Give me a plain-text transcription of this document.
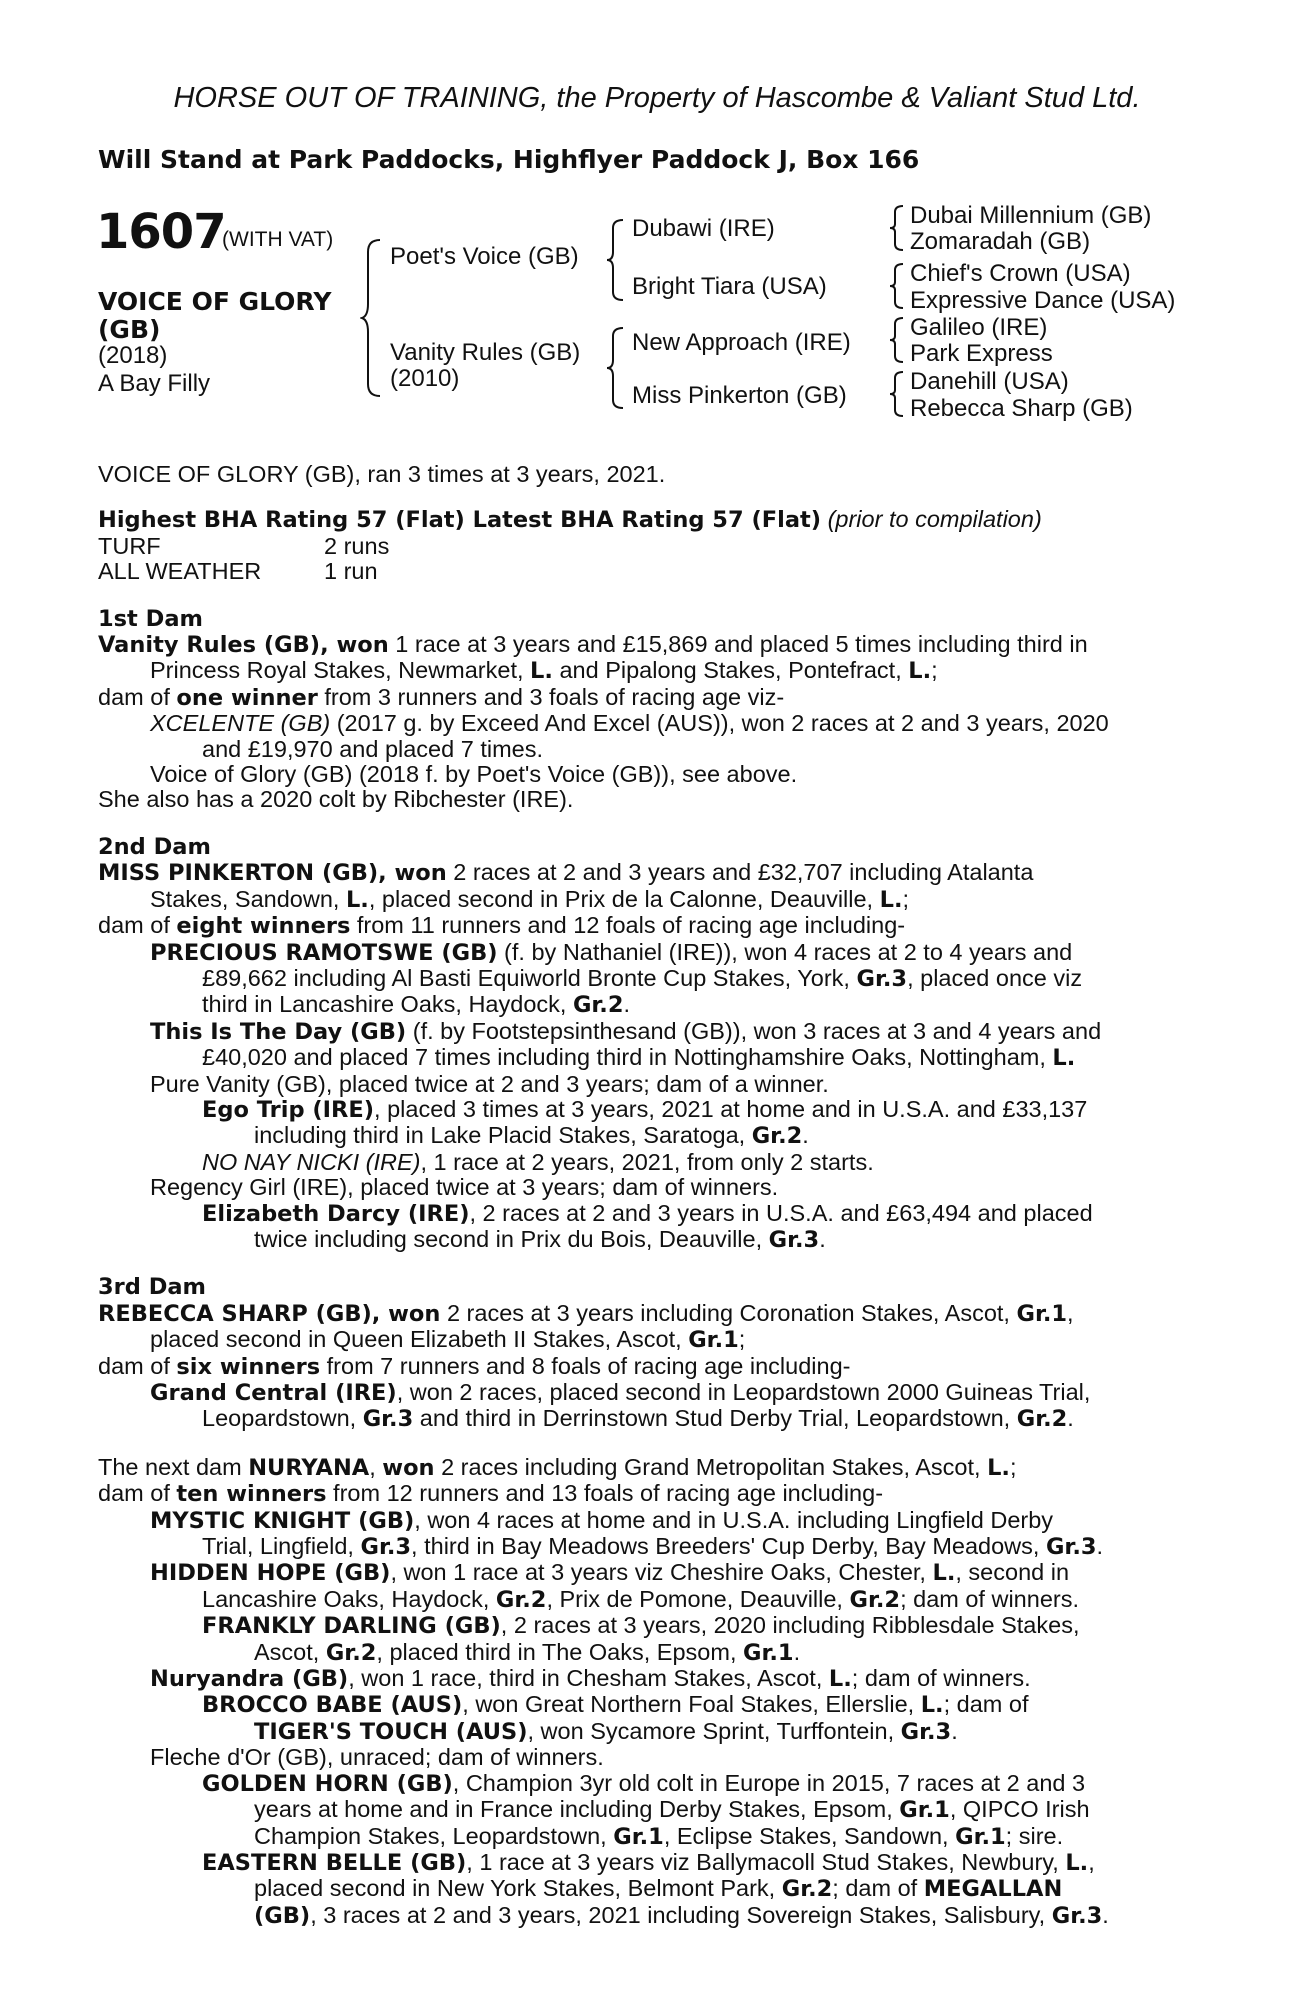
HORSE OUT OF TRAINING, the Property of Hascombe & Valiant Stud Ltd.
Will Stand at Park Paddocks, Highflyer Paddock J, Box 166
1607
(WITH VAT)
VOICE OF GLORY
(GB)
(2018)
A Bay Filly
Poet's Voice (GB)
Vanity Rules (GB)
(2010)
Dubawi (IRE)
Bright Tiara (USA)
New Approach (IRE)
Miss Pinkerton (GB)
Dubai Millennium (GB)
Zomaradah (GB)
Chief's Crown (USA)
Expressive Dance (USA)
Galileo (IRE)
Park Express
Danehill (USA)
Rebecca Sharp (GB)

VOICE OF GLORY (GB), ran 3 times at 3 years, 2021.

Highest BHA Rating 57 (Flat) Latest BHA Rating 57 (Flat) (prior to compilation)

TURF	2 runs
ALL WEATHER	1 run
1st Dam

Vanity Rules (GB), won 1 race at 3 years and £15,869 and placed 5 times including third in

Princess Royal Stakes, Newmarket, L. and Pipalong Stakes, Pontefract, L.;

dam of one winner from 3 runners and 3 foals of racing age viz-

XCELENTE (GB) (2017 g. by Exceed And Excel (AUS)), won 2 races at 2 and 3 years, 2020

and £19,970 and placed 7 times.

Voice of Glory (GB) (2018 f. by Poet's Voice (GB)), see above.

She also has a 2020 colt by Ribchester (IRE).

2nd Dam

MISS PINKERTON (GB), won 2 races at 2 and 3 years and £32,707 including Atalanta

Stakes, Sandown, L., placed second in Prix de la Calonne, Deauville, L.;

dam of eight winners from 11 runners and 12 foals of racing age including-

PRECIOUS RAMOTSWE (GB) (f. by Nathaniel (IRE)), won 4 races at 2 to 4 years and

£89,662 including Al Basti Equiworld Bronte Cup Stakes, York, Gr.3, placed once viz

third in Lancashire Oaks, Haydock, Gr.2.

This Is The Day (GB) (f. by Footstepsinthesand (GB)), won 3 races at 3 and 4 years and

£40,020 and placed 7 times including third in Nottinghamshire Oaks, Nottingham, L.

Pure Vanity (GB), placed twice at 2 and 3 years; dam of a winner.

Ego Trip (IRE), placed 3 times at 3 years, 2021 at home and in U.S.A. and £33,137

including third in Lake Placid Stakes, Saratoga, Gr.2.

NO NAY NICKI (IRE), 1 race at 2 years, 2021, from only 2 starts.

Regency Girl (IRE), placed twice at 3 years; dam of winners.

Elizabeth Darcy (IRE), 2 races at 2 and 3 years in U.S.A. and £63,494 and placed

twice including second in Prix du Bois, Deauville, Gr.3.

3rd Dam

REBECCA SHARP (GB), won 2 races at 3 years including Coronation Stakes, Ascot, Gr.1,

placed second in Queen Elizabeth II Stakes, Ascot, Gr.1;

dam of six winners from 7 runners and 8 foals of racing age including-

Grand Central (IRE), won 2 races, placed second in Leopardstown 2000 Guineas Trial,

Leopardstown, Gr.3 and third in Derrinstown Stud Derby Trial, Leopardstown, Gr.2.

The next dam NURYANA, won 2 races including Grand Metropolitan Stakes, Ascot, L.;

dam of ten winners from 12 runners and 13 foals of racing age including-

MYSTIC KNIGHT (GB), won 4 races at home and in U.S.A. including Lingfield Derby

Trial, Lingfield, Gr.3, third in Bay Meadows Breeders' Cup Derby, Bay Meadows, Gr.3.

HIDDEN HOPE (GB), won 1 race at 3 years viz Cheshire Oaks, Chester, L., second in

Lancashire Oaks, Haydock, Gr.2, Prix de Pomone, Deauville, Gr.2; dam of winners.

FRANKLY DARLING (GB), 2 races at 3 years, 2020 including Ribblesdale Stakes,

Ascot, Gr.2, placed third in The Oaks, Epsom, Gr.1.

Nuryandra (GB), won 1 race, third in Chesham Stakes, Ascot, L.; dam of winners.

BROCCO BABE (AUS), won Great Northern Foal Stakes, Ellerslie, L.; dam of

TIGER'S TOUCH (AUS), won Sycamore Sprint, Turffontein, Gr.3.

Fleche d'Or (GB), unraced; dam of winners.

GOLDEN HORN (GB), Champion 3yr old colt in Europe in 2015, 7 races at 2 and 3

years at home and in France including Derby Stakes, Epsom, Gr.1, QIPCO Irish

Champion Stakes, Leopardstown, Gr.1, Eclipse Stakes, Sandown, Gr.1; sire.

EASTERN BELLE (GB), 1 race at 3 years viz Ballymacoll Stud Stakes, Newbury, L.,

placed second in New York Stakes, Belmont Park, Gr.2; dam of MEGALLAN

(GB), 3 races at 2 and 3 years, 2021 including Sovereign Stakes, Salisbury, Gr.3.
